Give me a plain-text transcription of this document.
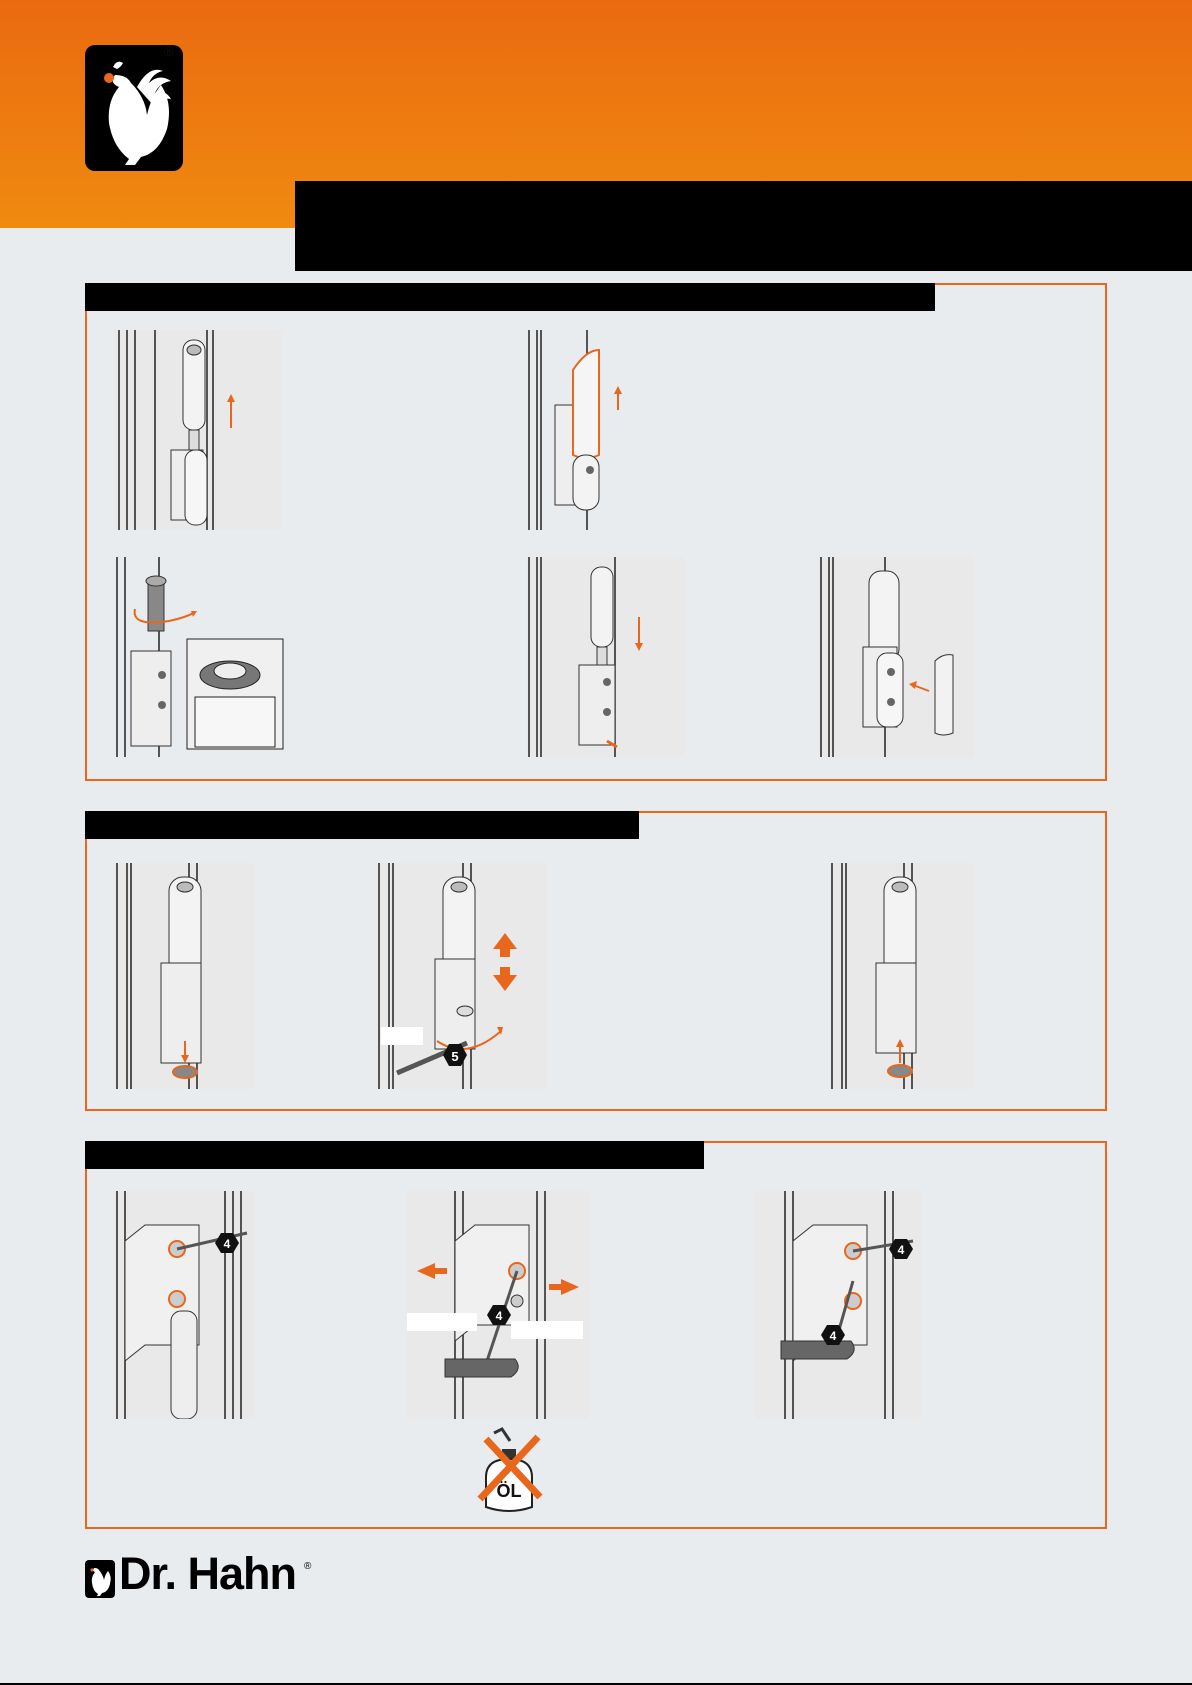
®
5
4
4
4
4
ÖL
Dr. Hahn ®
